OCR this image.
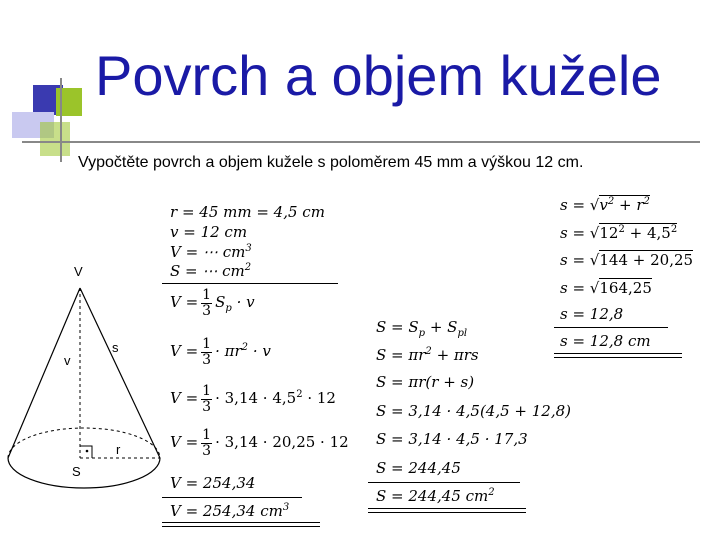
Povrch a objem kužele
Vypočtěte povrch a objem kužele s poloměrem 45 mm a výškou 12 cm.
V
s
v
S
r
r = 45 mm = 4,5 cm
v = 12 cm
V = ⋯ $cm^3$
S = ⋯ $cm^2$
$V = \frac{1}{3} S_p \cdot v$
$V = \frac{1}{3} \cdot \pi r^2 \cdot v$
$V = \frac{1}{3} \cdot 3,14 \cdot 4,5^2 \cdot 12$
$V = \frac{1}{3} \cdot 3,14 \cdot 20,25 \cdot 12$
V = 254,34
V = 254,34 $cm^3$
$S = S_p + S_{pl}$
$S = \pi r^2 + \pi rs$
S = πr(r + s)
S = 3,14 · 4,5(4,5 + 12,8)
S = 3,14 · 4,5 · 17,3
S = 244,45
S = 244,45 $cm^2$
$s = √v^2 + r^2$
$s = √12^2 + 4,5^2$
s = √144 + 20,25
s = √164,25
s = 12,8
s = 12,8 cm
